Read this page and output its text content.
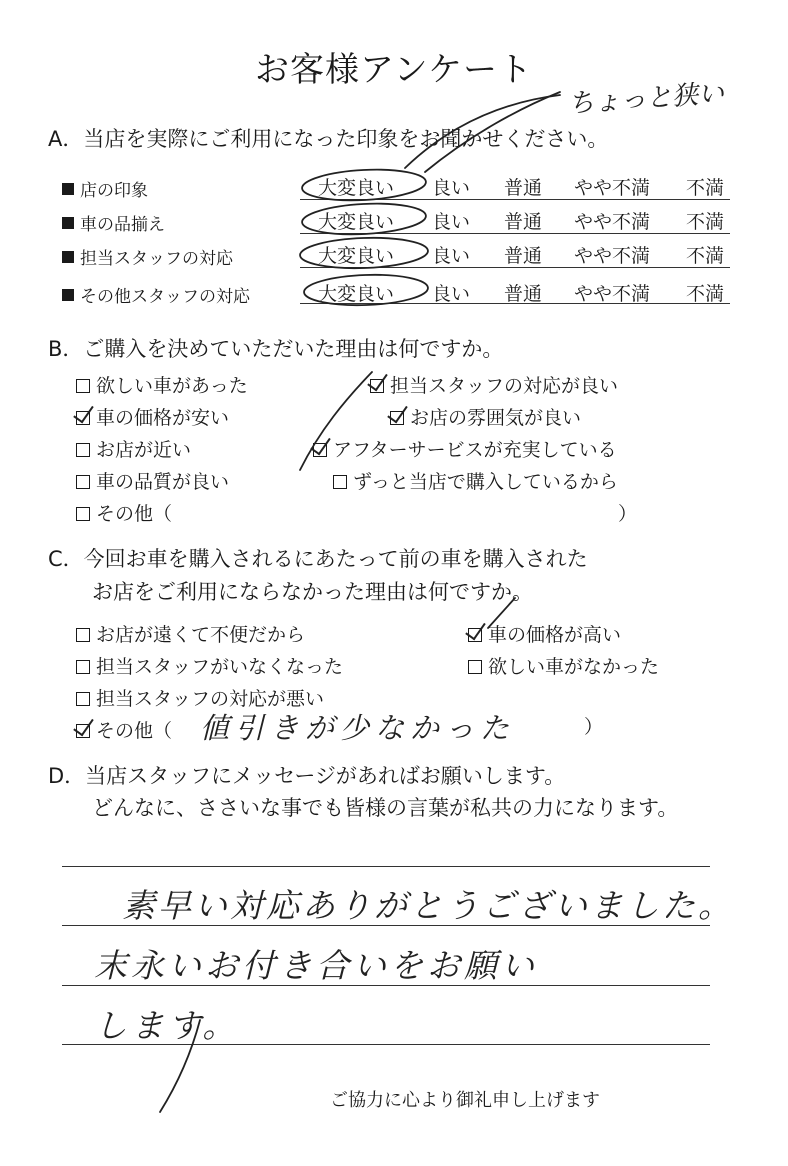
お客様アンケート
ちょっと狭い
A．当店を実際にご利用になった印象をお聞かせください。
店の印象	大変良い 良い 普通 やや不満 不満
車の品揃え	大変良い 良い 普通 やや不満 不満
担当スタッフの対応	大変良い 良い 普通 やや不満 不満
その他スタッフの対応	大変良い 良い 普通 やや不満 不満
B．ご購入を決めていただいた理由は何ですか。
欲しい車があった	担当スタッフの対応が良い
車の価格が安い	お店の雰囲気が良い
お店が近い	アフターサービスが充実している
車の品質が良い	ずっと当店で購入しているから
その他（	）
C．今回お車を購入されるにあたって前の車を購入された
お店をご利用にならなかった理由は何ですか。
お店が遠くて不便だから	車の価格が高い
担当スタッフがいなくなった	欲しい車がなかった
担当スタッフの対応が悪い
その他（ 値引きが少なかった	）
D．当店スタッフにメッセージがあればお願いします。
どんなに、ささいな事でも皆様の言葉が私共の力になります。
素早い対応ありがとうございました。
末永いお付き合いをお願い
します。
ご協力に心より御礼申し上げます
